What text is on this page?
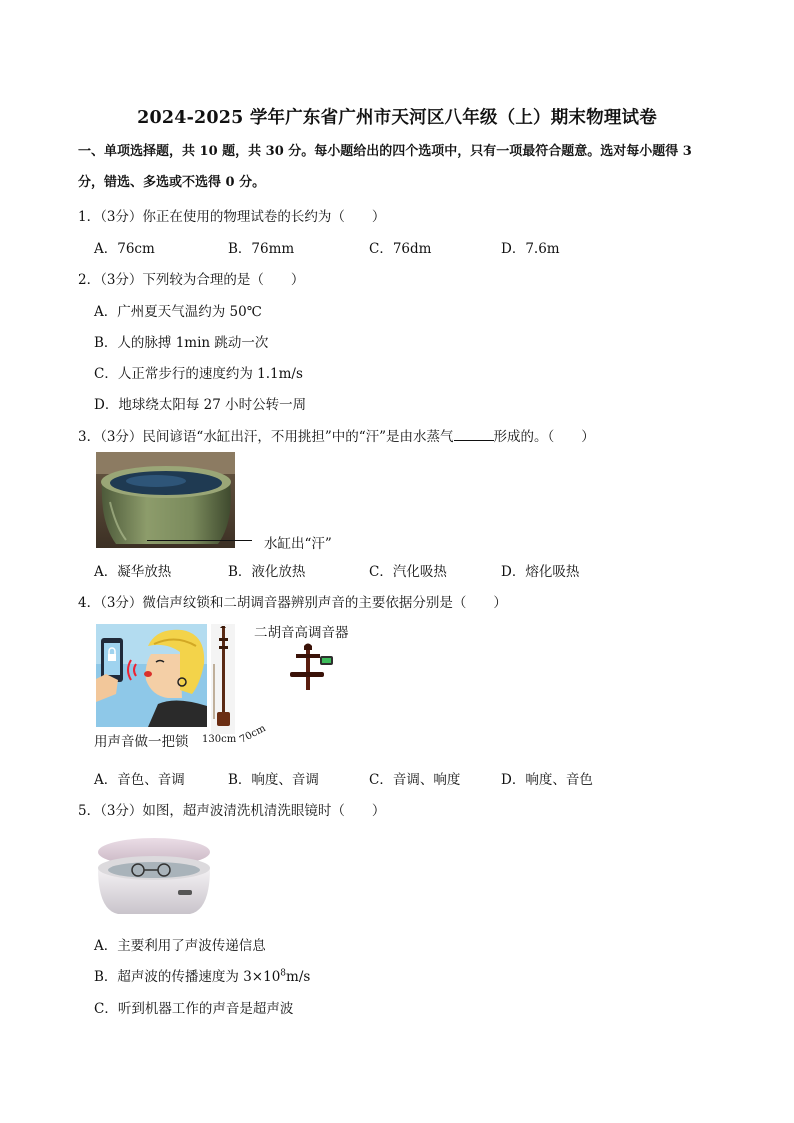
2024-2025 学年广东省广州市天河区八年级（上）期末物理试卷
一、单项选择题，共 10 题，共 30 分。每小题给出的四个选项中，只有一项最符合题意。选对每小题得 3
分，错选、多选或不选得 0 分。
1．（3分）你正在使用的物理试卷的长约为（　　）
A．76cm	B．76mm	C．76dm	D．7.6m
2．（3分）下列较为合理的是（　　）
A．广州夏天气温约为 50℃
B．人的脉搏 1min 跳动一次
C．人正常步行的速度约为 1.1m/s
D．地球绕太阳每 27 小时公转一周
3．（3分）民间谚语“水缸出汗，不用挑担”中的“汗”是由水蒸气	形成的。（　　）
水缸出“汗”
A．凝华放热	B．液化放热	C．汽化吸热	D．熔化吸热
4．（3分）微信声纹锁和二胡调音器辨别声音的主要依据分别是（　　）
用声音做一把锁 130cm 70cm
二胡音高调音器
A．音色、音调	B．响度、音调	C．音调、响度	D．响度、音色
5．（3分）如图，超声波清洗机清洗眼镜时（　　）
A．主要利用了声波传递信息
B．超声波的传播速度为 $3\times 10^8m/s$
C．听到机器工作的声音是超声波
